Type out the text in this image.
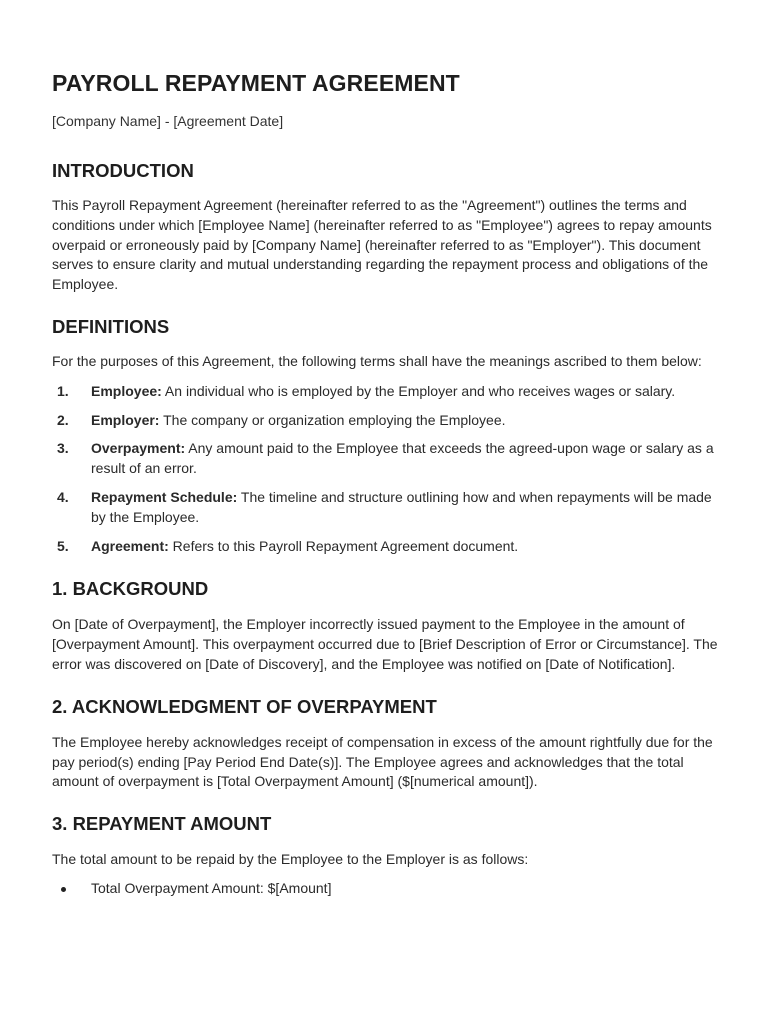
PAYROLL REPAYMENT AGREEMENT
[Company Name] - [Agreement Date]
INTRODUCTION

This Payroll Repayment Agreement (hereinafter referred to as the "Agreement") outlines the terms and conditions under which [Employee Name] (hereinafter referred to as "Employee") agrees to repay amounts overpaid or erroneously paid by [Company Name] (hereinafter referred to as "Employer"). This document serves to ensure clarity and mutual understanding regarding the repayment process and obligations of the Employee.

DEFINITIONS

For the purposes of this Agreement, the following terms shall have the meanings ascribed to them below:

1. Employee: An individual who is employed by the Employer and who receives wages or salary.
2. Employer: The company or organization employing the Employee.
3. Overpayment: Any amount paid to the Employee that exceeds the agreed-upon wage or salary as a result of an error.
4. Repayment Schedule: The timeline and structure outlining how and when repayments will be made by the Employee.
5. Agreement: Refers to this Payroll Repayment Agreement document.
1. BACKGROUND

On [Date of Overpayment], the Employer incorrectly issued payment to the Employee in the amount of [Overpayment Amount]. This overpayment occurred due to [Brief Description of Error or Circumstance]. The error was discovered on [Date of Discovery], and the Employee was notified on [Date of Notification].

2. ACKNOWLEDGMENT OF OVERPAYMENT

The Employee hereby acknowledges receipt of compensation in excess of the amount rightfully due for the pay period(s) ending [Pay Period End Date(s)]. The Employee agrees and acknowledges that the total amount of overpayment is [Total Overpayment Amount] ($[numerical amount]).

3. REPAYMENT AMOUNT

The total amount to be repaid by the Employee to the Employer is as follows:

Total Overpayment Amount: $[Amount]
